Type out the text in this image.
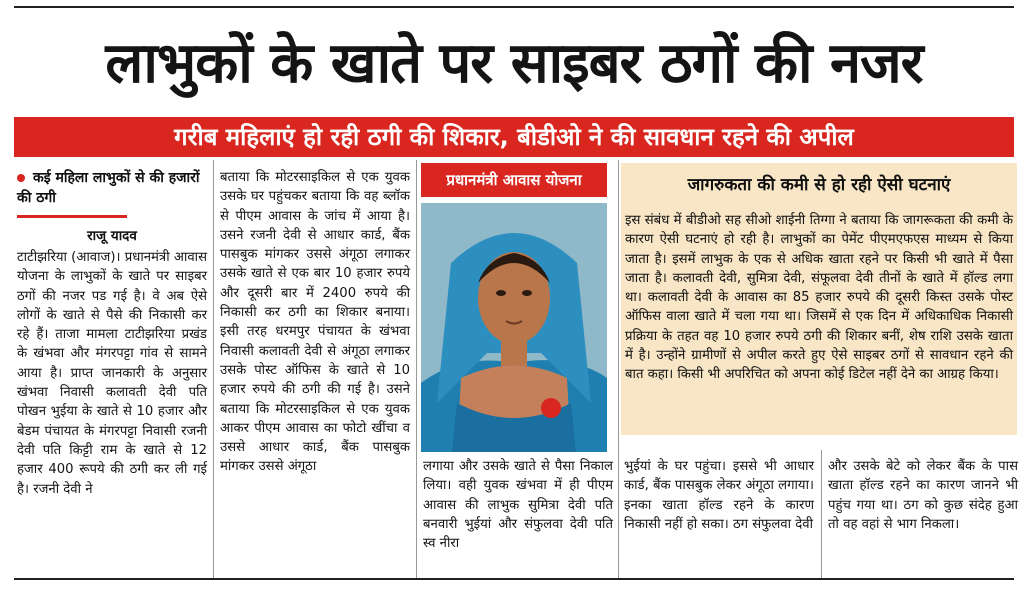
लाभुकों के खाते पर साइबर ठगों की नजर
गरीब महिलाएं हो रही ठगी की शिकार, बीडीओ ने की सावधान रहने की अपील
कई महिला लाभुकों से की हजारों की ठगी
राजू यादव
टाटीझरिया (आवाज)। प्रधानमंत्री आवास योजना के लाभुकों के खाते पर साइबर ठगों की नजर पड गई है। वे अब ऐसे लोगों के खाते से पैसे की निकासी कर रहे हैं। ताजा मामला टाटीझरिया प्रखंड के खंभवा और मंगरपट्टा गांव से सामने आया है। प्राप्त जानकारी के अनुसार खंभवा निवासी कलावती देवी पति पोखन भुईया के खाते से 10 हजार और बेडम पंचायत के मंगरपट्टा निवासी रजनी देवी पति किट्टी राम के खाते से 12 हजार 400 रूपये की ठगी कर ली गई है। रजनी देवी ने
बताया कि मोटरसाइकिल से एक युवक उसके घर पहुंचकर बताया कि वह ब्लॉक से पीएम आवास के जांच में आया है। उसने रजनी देवी से आधार कार्ड, बैंक पासबुक मांगकर उससे अंगूठा लगाकर उसके खाते से एक बार 10 हजार रुपये और दूसरी बार में 2400 रुपये की निकासी कर ठगी का शिकार बनाया। इसी तरह धरमपुर पंचायत के खंभवा निवासी कलावती देवी से अंगूठा लगाकर उसके पोस्ट ऑफिस के खाते से 10 हजार रुपये की ठगी की गई है। उसने बताया कि मोटरसाइकिल से एक युवक आकर पीएम आवास का फोटो खींचा व उससे आधार कार्ड, बैंक पासबुक मांगकर उससे अंगूठा
प्रधानमंत्री आवास योजना
लगाया और उसके खाते से पैसा निकाल लिया। वही युवक खंभवा में ही पीएम आवास की लाभुक सुमित्रा देवी पति बनवारी भुईयां और संफुलवा देवी पति स्व नीरा
जागरुकता की कमी से हो रही ऐसी घटनाएं
इस संबंध में बीडीओ सह सीओ शाईनी तिग्गा ने बताया कि जागरूकता की कमी के कारण ऐसी घटनाएं हो रही है। लाभुकों का पेमेंट पीएमएफएस माध्यम से किया जाता है। इसमें लाभुक के एक से अधिक खाता रहने पर किसी भी खाते में पैसा जाता है। कलावती देवी, सुमित्रा देवी, संफूलवा देवी तीनों के खाते में हॉल्ड लगा था। कलावती देवी के आवास का 85 हजार रुपये की दूसरी किस्त उसके पोस्ट ऑफिस वाला खाते में चला गया था। जिसमें से एक दिन में अधिकाधिक निकासी प्रक्रिया के तहत वह 10 हजार रुपये ठगी की शिकार बनीं, शेष राशि उसके खाता में है। उन्होंने ग्रामीणों से अपील करते हुए ऐसे साइबर ठगों से सावधान रहने की बात कहा। किसी भी अपरिचित को अपना कोई डिटेल नहीं देने का आग्रह किया।
भुईयां के घर पहुंचा। इससे भी आधार कार्ड, बैंक पासबुक लेकर अंगूठा लगाया। इनका खाता हॉल्ड रहने के कारण निकासी नहीं हो सका। ठग संफुलवा देवी
और उसके बेटे को लेकर बैंक के पास खाता हॉल्ड रहने का कारण जानने भी पहुंच गया था। ठग को कुछ संदेह हुआ तो वह वहां से भाग निकला।
